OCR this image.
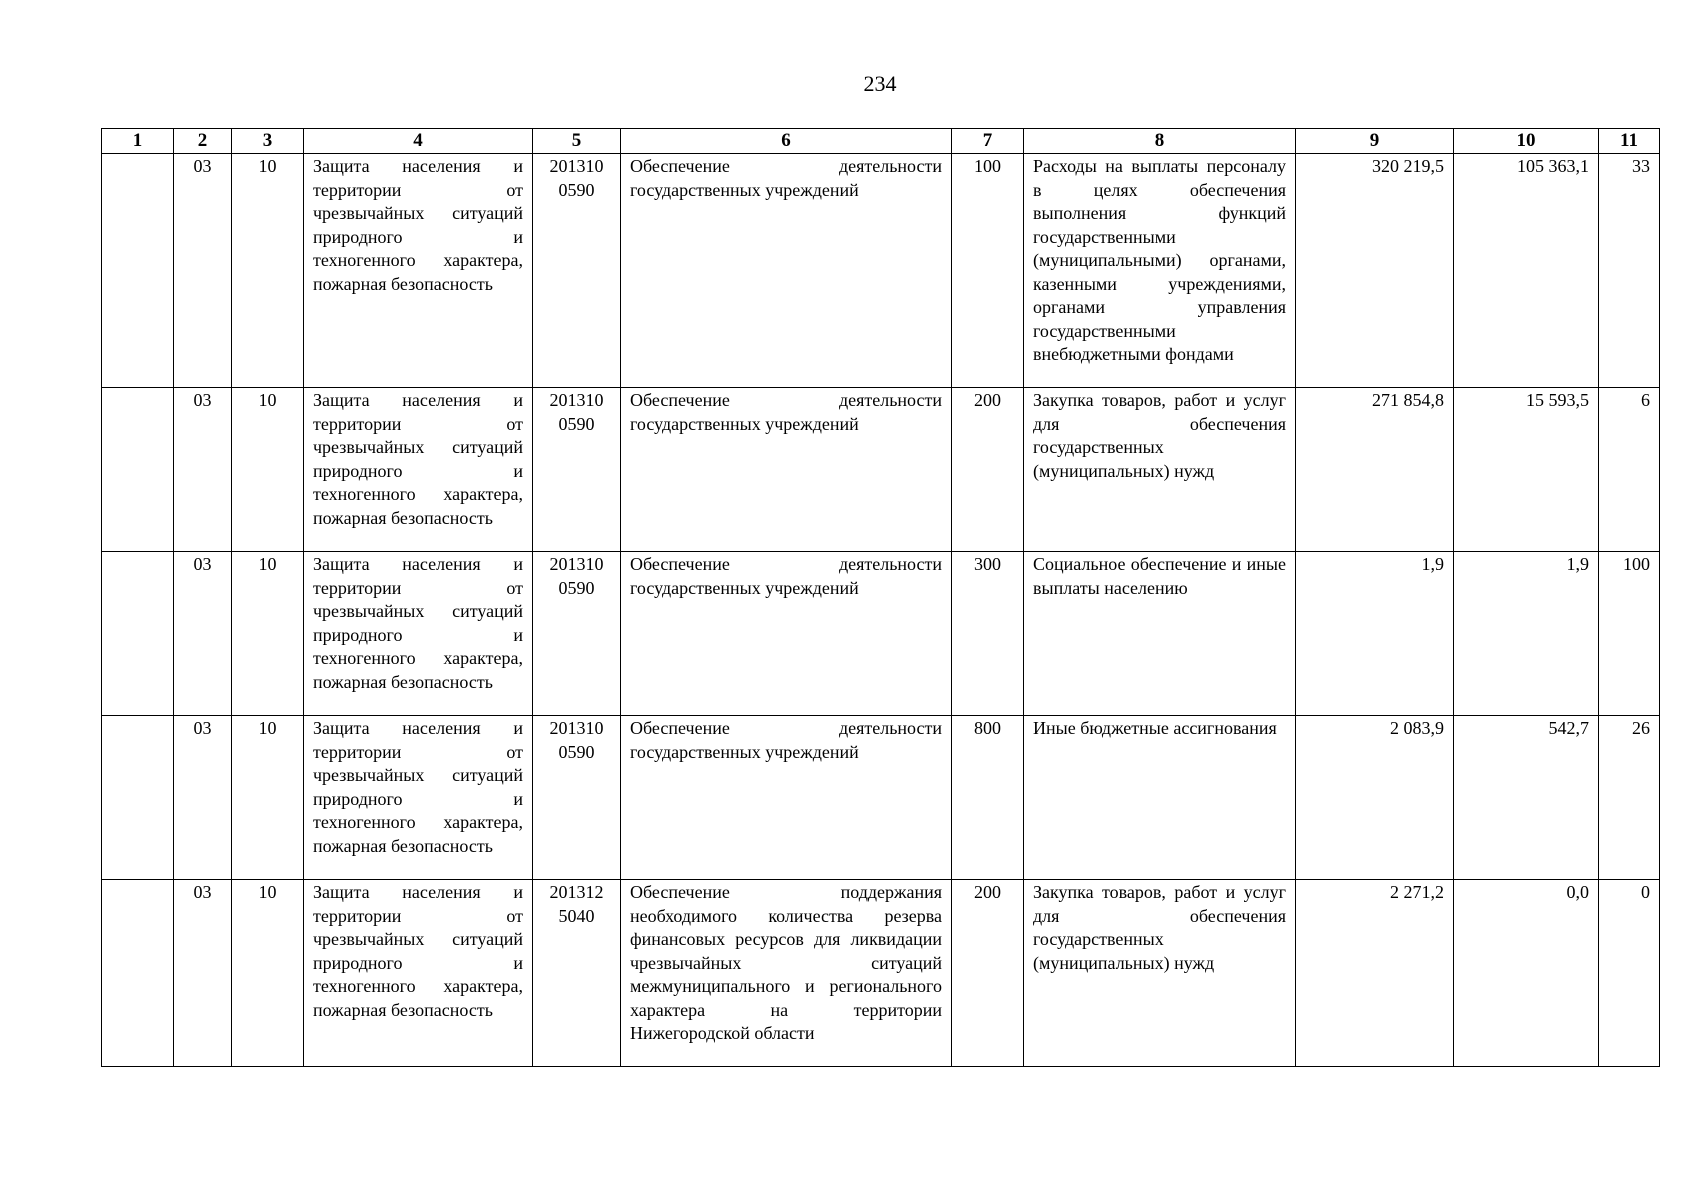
234
1	2	3	4	5	6	7	8	9	10	11
	03	10	Защита населения и территории от чрезвычайных ситуаций природного и техногенного характера, пожарная безопасность	201310 0590	Обеспечение деятельности государственных учреждений	100	Расходы на выплаты персоналу в целях обеспечения выполнения функций государственными (муниципальными) органами, казенными учреждениями, органами управления государственными внебюджетными фондами	320 219,5	105 363,1	33
	03	10	Защита населения и территории от чрезвычайных ситуаций природного и техногенного характера, пожарная безопасность	201310 0590	Обеспечение деятельности государственных учреждений	200	Закупка товаров, работ и услуг для обеспечения государственных (муниципальных) нужд	271 854,8	15 593,5	6
	03	10	Защита населения и территории от чрезвычайных ситуаций природного и техногенного характера, пожарная безопасность	201310 0590	Обеспечение деятельности государственных учреждений	300	Социальное обеспечение и иные выплаты населению	1,9	1,9	100
	03	10	Защита населения и территории от чрезвычайных ситуаций природного и техногенного характера, пожарная безопасность	201310 0590	Обеспечение деятельности государственных учреждений	800	Иные бюджетные ассигнования	2 083,9	542,7	26
	03	10	Защита населения и территории от чрезвычайных ситуаций природного и техногенного характера, пожарная безопасность	201312 5040	Обеспечение поддержания необходимого количества резерва финансовых ресурсов для ликвидации чрезвычайных ситуаций межмуниципального и регионального характера на территории Нижегородской области	200	Закупка товаров, работ и услуг для обеспечения государственных (муниципальных) нужд	2 271,2	0,0	0
